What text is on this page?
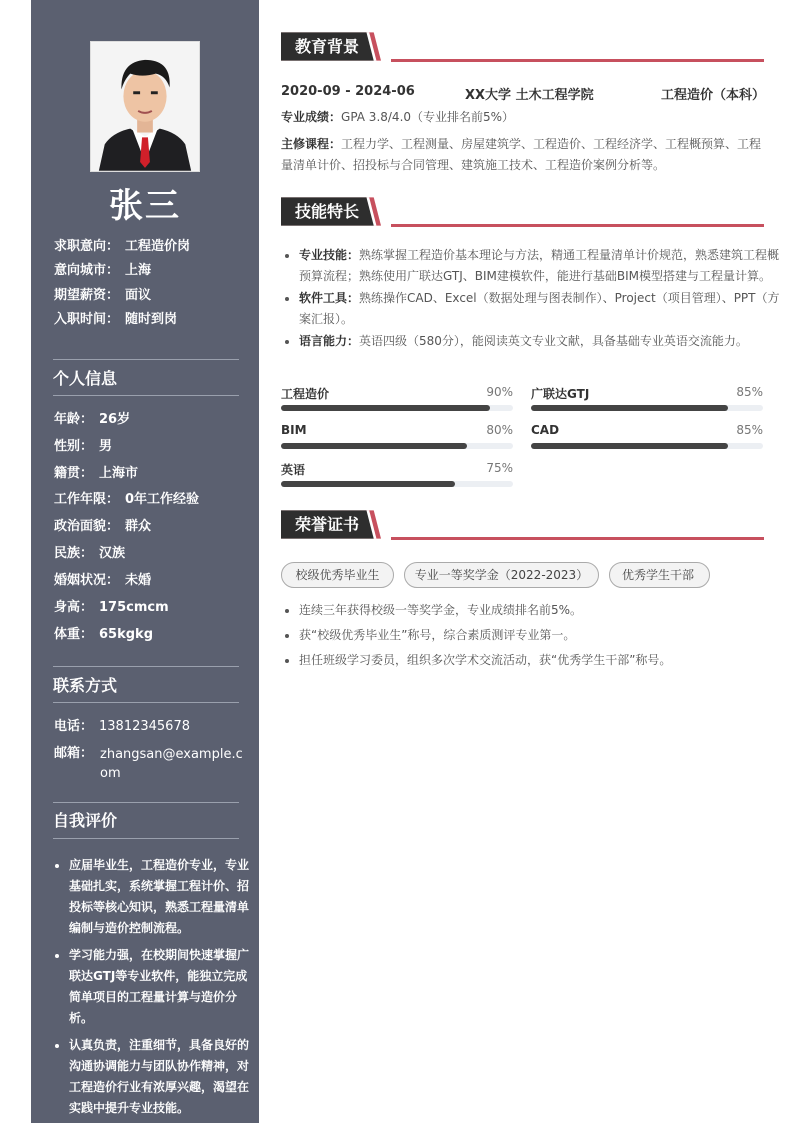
张三
求职意向： 工程造价岗
意向城市： 上海
期望薪资： 面议
入职时间： 随时到岗
个人信息
年龄： 26岁
性别： 男
籍贯： 上海市
工作年限： 0年工作经验
政治面貌： 群众
民族： 汉族
婚姻状况： 未婚
身高： 175cmcm
体重： 65kgkg
联系方式
电话： 13812345678
邮箱： zhangsan@example.com
自我评价
• 应届毕业生，工程造价专业，专业基础扎实，系统掌握工程计价、招投标等核心知识，熟悉工程量清单编制与造价控制流程。
• 学习能力强，在校期间快速掌握广联达GTJ等专业软件，能独立完成简单项目的工程量计算与造价分析。
• 认真负责，注重细节，具备良好的沟通协调能力与团队协作精神，对工程造价行业有浓厚兴趣，渴望在实践中提升专业技能。
教育背景
2020-09 - 2024-06	XX大学 土木工程学院	工程造价（本科）
专业成绩：GPA 3.8/4.0（专业排名前5%）
主修课程：工程力学、工程测量、房屋建筑学、工程造价、工程经济学、工程概预算、工程量清单计价、招投标与合同管理、建筑施工技术、工程造价案例分析等。
技能特长
• 专业技能：熟练掌握工程造价基本理论与方法，精通工程量清单计价规范，熟悉建筑工程概预算流程；熟练使用广联达GTJ、BIM建模软件，能进行基础BIM模型搭建与工程量计算。
• 软件工具：熟练操作CAD、Excel（数据处理与图表制作）、Project（项目管理）、PPT（方案汇报）。
• 语言能力：英语四级（580分），能阅读英文专业文献，具备基础专业英语交流能力。
工程造价	90% 广联达GTJ	85%
BIM	80% CAD	85%
英语	75%
荣誉证书
校级优秀毕业生	专业一等奖学金（2022-2023）	优秀学生干部
• 连续三年获得校级一等奖学金，专业成绩排名前5%。
• 获“校级优秀毕业生”称号，综合素质测评专业第一。
• 担任班级学习委员，组织多次学术交流活动，获“优秀学生干部”称号。
